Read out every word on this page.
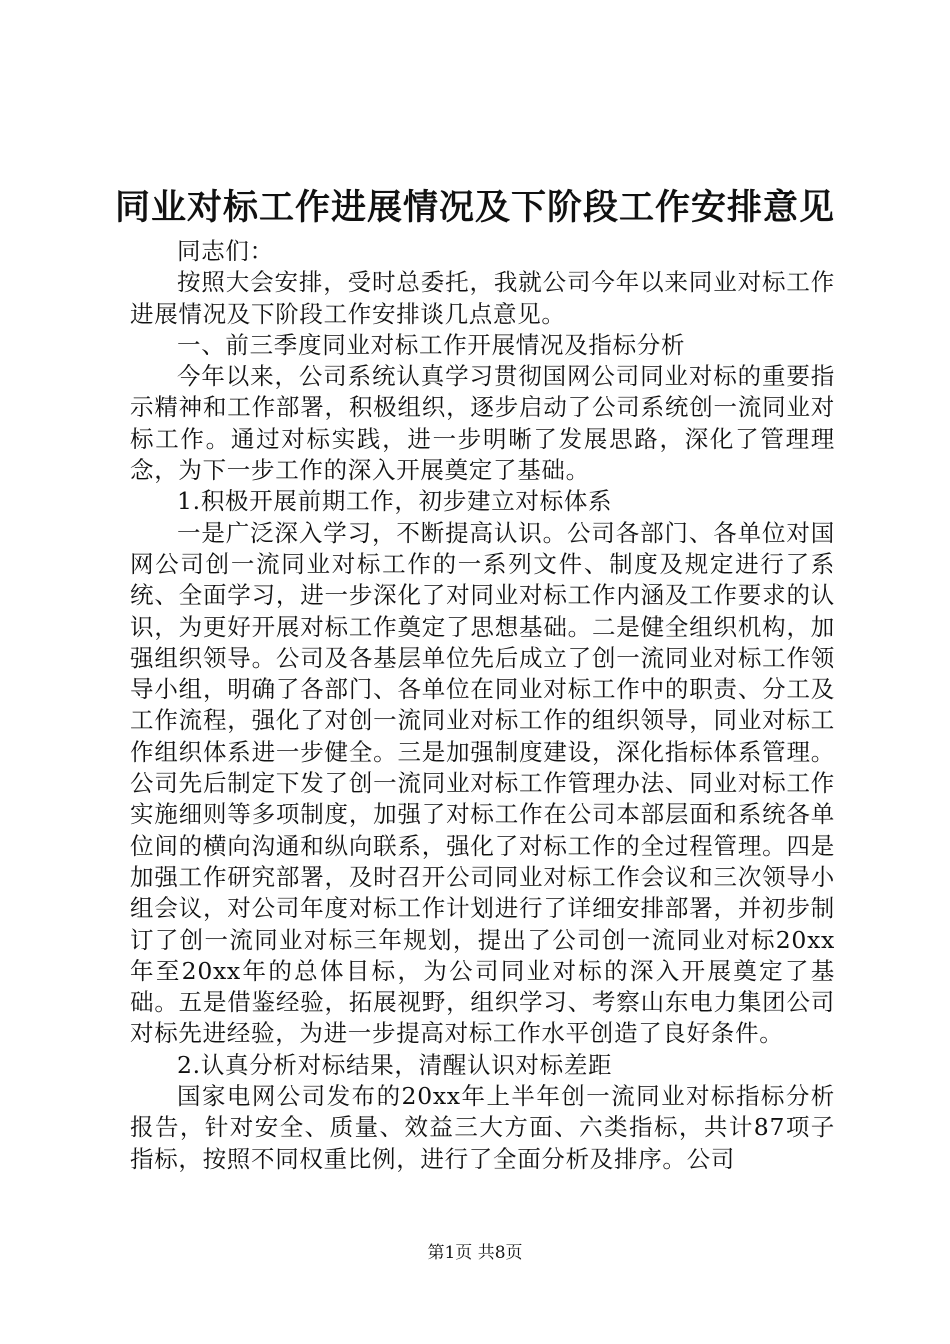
同业对标工作进展情况及下阶段工作安排意见

同志们：

按照大会安排，受时总委托，我就公司今年以来同业对标工作进展情况及下阶段工作安排谈几点意见。

一、前三季度同业对标工作开展情况及指标分析

今年以来，公司系统认真学习贯彻国网公司同业对标的重要指示精神和工作部署，积极组织，逐步启动了公司系统创一流同业对标工作。通过对标实践，进一步明晰了发展思路，深化了管理理念，为下一步工作的深入开展奠定了基础。

1.积极开展前期工作，初步建立对标体系

一是广泛深入学习，不断提高认识。公司各部门、各单位对国网公司创一流同业对标工作的一系列文件、制度及规定进行了系统、全面学习，进一步深化了对同业对标工作内涵及工作要求的认识，为更好开展对标工作奠定了思想基础。二是健全组织机构，加强组织领导。公司及各基层单位先后成立了创一流同业对标工作领导小组，明确了各部门、各单位在同业对标工作中的职责、分工及工作流程，强化了对创一流同业对标工作的组织领导，同业对标工作组织体系进一步健全。三是加强制度建设，深化指标体系管理。公司先后制定下发了创一流同业对标工作管理办法、同业对标工作实施细则等多项制度，加强了对标工作在公司本部层面和系统各单位间的横向沟通和纵向联系，强化了对标工作的全过程管理。四是加强工作研究部署，及时召开公司同业对标工作会议和三次领导小组会议，对公司年度对标工作计划进行了详细安排部署，并初步制订了创一流同业对标三年规划，提出了公司创一流同业对标20xx年至20xx年的总体目标，为公司同业对标的深入开展奠定了基础。五是借鉴经验，拓展视野，组织学习、考察山东电力集团公司对标先进经验，为进一步提高对标工作水平创造了良好条件。

2.认真分析对标结果，清醒认识对标差距

国家电网公司发布的20xx年上半年创一流同业对标指标分析报告，针对安全、质量、效益三大方面、六类指标，共计87项子指标，按照不同权重比例，进行了全面分析及排序。公司

第1页 共8页
